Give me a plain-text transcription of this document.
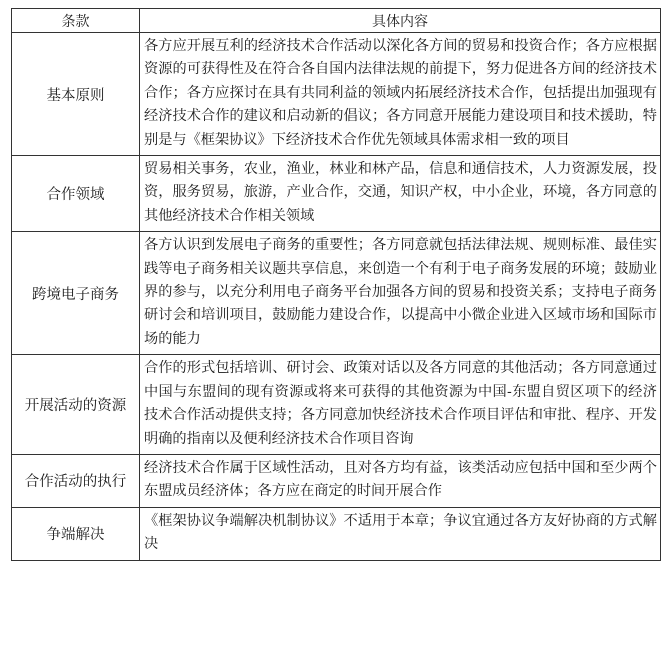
条款	具体内容
基本原则	各方应开展互利的经济技术合作活动以深化各方间的贸易和投资合作；各方应根据资源的可获得性及在符合各自国内法律法规的前提下，努力促进各方间的经济技术合作；各方应探讨在具有共同利益的领域内拓展经济技术合作，包括提出加强现有经济技术合作的建议和启动新的倡议；各方同意开展能力建设项目和技术援助，特别是与《框架协议》下经济技术合作优先领域具体需求相一致的项目
合作领域	贸易相关事务，农业，渔业，林业和林产品，信息和通信技术，人力资源发展，投资，服务贸易，旅游，产业合作，交通，知识产权，中小企业，环境，各方同意的其他经济技术合作相关领域
跨境电子商务	各方认识到发展电子商务的重要性；各方同意就包括法律法规、规则标准、最佳实践等电子商务相关议题共享信息，来创造一个有利于电子商务发展的环境；鼓励业界的参与，以充分利用电子商务平台加强各方间的贸易和投资关系；支持电子商务研讨会和培训项目，鼓励能力建设合作，以提高中小微企业进入区域市场和国际市场的能力
开展活动的资源	合作的形式包括培训、研讨会、政策对话以及各方同意的其他活动；各方同意通过中国与东盟间的现有资源或将来可获得的其他资源为中国-东盟自贸区项下的经济技术合作活动提供支持；各方同意加快经济技术合作项目评估和审批、程序、开发明确的指南以及便利经济技术合作项目咨询
合作活动的执行	经济技术合作属于区域性活动，且对各方均有益，该类活动应包括中国和至少两个东盟成员经济体；各方应在商定的时间开展合作
争端解决	《框架协议争端解决机制协议》不适用于本章；争议宜通过各方友好协商的方式解决
